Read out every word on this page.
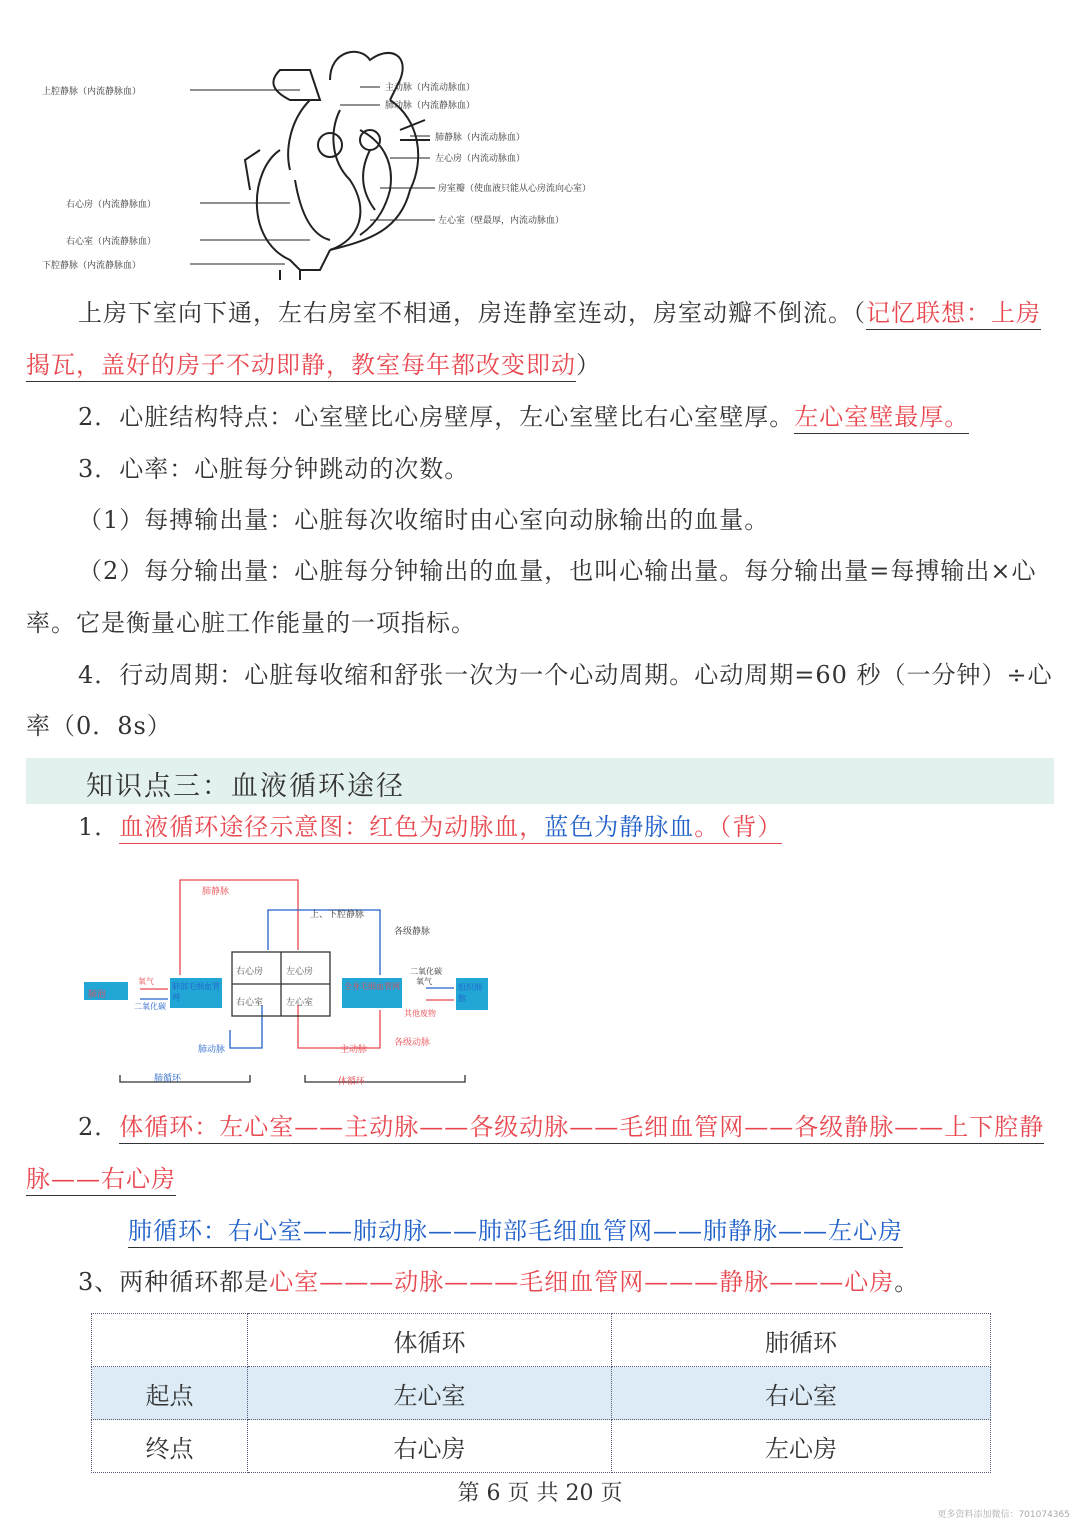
上腔静脉（内流静脉血）
右心房（内流静脉血）
右心室（内流静脉血）
下腔静脉（内流静脉血）
主动脉（内流动脉血）
肺动脉（内流静脉血）
肺静脉（内流动脉血）
左心房（内流动脉血）
房室瓣（使血液只能从心房流向心室）
左心室（壁最厚，内流动脉血）
上房下室向下通，左右房室不相通，房连静室连动，房室动瓣不倒流。（记忆联想：上房
揭瓦，盖好的房子不动即静，教室每年都改变即动）
2．心脏结构特点：心室壁比心房壁厚，左心室壁比右心室壁厚。左心室壁最厚。
3．心率：心脏每分钟跳动的次数。
（1）每搏输出量：心脏每次收缩时由心室向动脉输出的血量。
（2）每分输出量：心脏每分钟输出的血量，也叫心输出量。每分输出量=每搏输出×心
率。它是衡量心脏工作能量的一项指标。
4．行动周期：心脏每收缩和舒张一次为一个心动周期。心动周期=60 秒（一分钟）÷心
率（0．8s）
知识点三：血液循环途径
1．血液循环途径示意图：红色为动脉血，蓝色为静脉血。（背）
肺静脉
上、下腔静脉
各级静脉
右心房	左心房
右心室	左心室
肺动脉	主动脉
各级动脉
氧气
二氧化碳
二氧化碳
氧气
其他废物
肺泡
肺部毛细血管网
全身毛细血管网	组织细胞
肺循环	体循环
2．体循环：左心室——主动脉——各级动脉——毛细血管网——各级静脉——上下腔静
脉——右心房
肺循环：右心室——肺动脉——肺部毛细血管网——肺静脉——左心房
3、两种循环都是心室———动脉———毛细血管网———静脉———心房。
	体循环	肺循环
起点	左心室	右心室
终点	右心房	左心房
第 6 页 共 20 页
更多资料添加微信：701074365
